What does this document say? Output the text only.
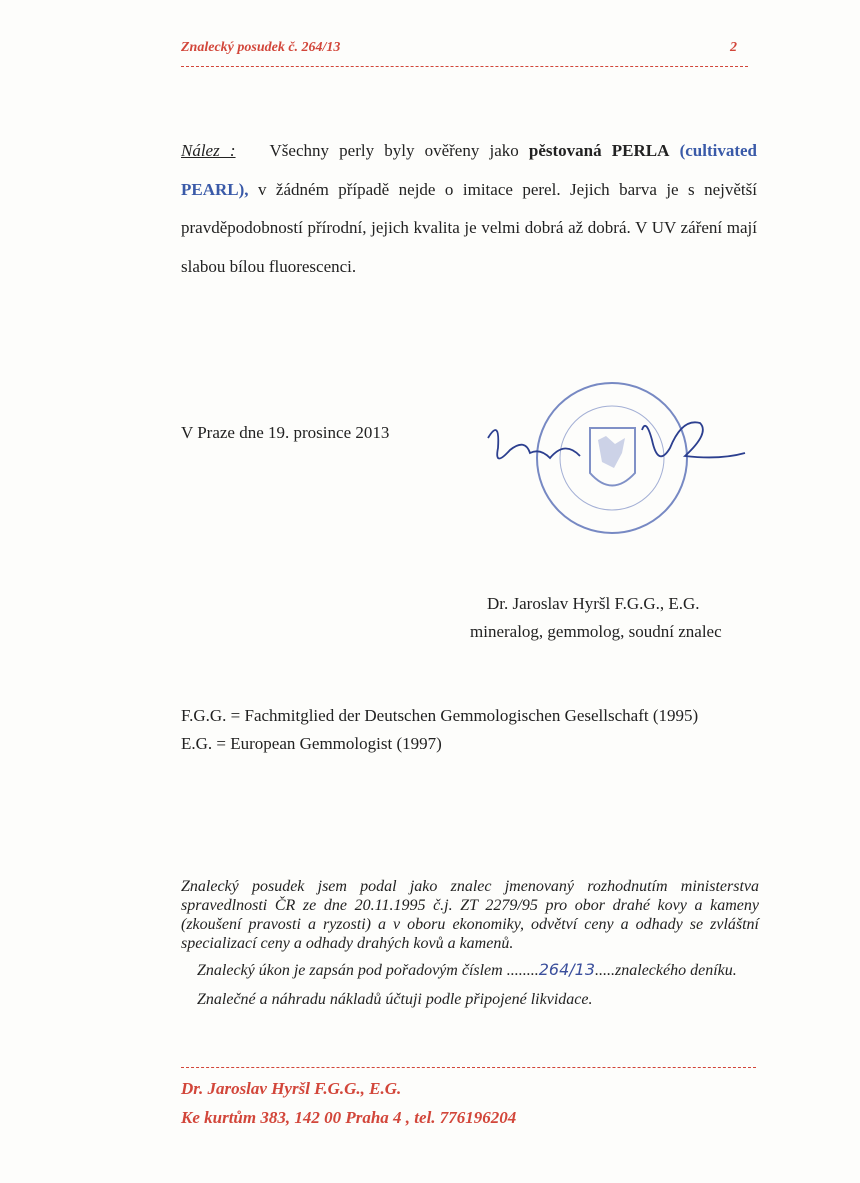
Znalecký posudek č. 264/13	2
Nález : Všechny perly byly ověřeny jako pěstovaná PERLA (cultivated PEARL), v žádném případě nejde o imitace perel. Jejich barva je s největší pravděpodobností přírodní, jejich kvalita je velmi dobrá až dobrá. V UV záření mají slabou bílou fluorescenci.
V Praze dne 19. prosince 2013
Dr. Jaroslav Hyršl F.G.G., E.G.
mineralog, gemmolog, soudní znalec
F.G.G. = Fachmitglied der Deutschen Gemmologischen Gesellschaft (1995)
E.G. = European Gemmologist (1997)
Znalecký posudek jsem podal jako znalec jmenovaný rozhodnutím ministerstva spravedlnosti ČR ze dne 20.11.1995 č.j. ZT 2279/95 pro obor drahé kovy a kameny (zkoušení pravosti a ryzosti) a v oboru ekonomiky, odvětví ceny a odhady se zvláštní specializací ceny a odhady drahých kovů a kamenů.
Znalecký úkon je zapsán pod pořadovým číslem ........264/13.....znaleckého deníku.
Znalečné a náhradu nákladů účtuji podle připojené likvidace.
Dr. Jaroslav Hyršl F.G.G., E.G.
Ke kurtům 383, 142 00 Praha 4 , tel. 776196204
